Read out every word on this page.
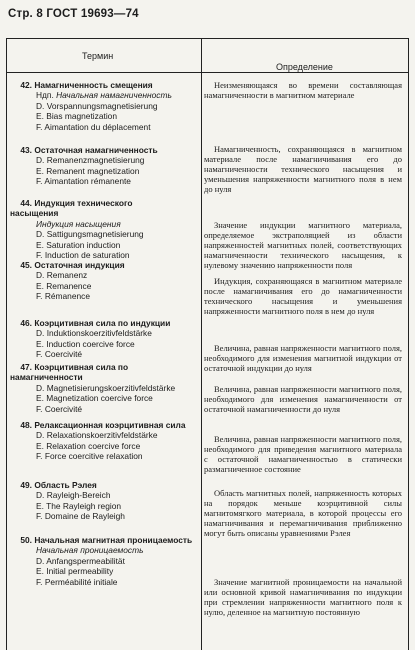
Стр. 8 ГОСТ 19693—74
Термин
Определение
42. Намагниченность смещения
Ндп. Начальная намагниченность
D. Vorspannungsmagnetisierung
E. Bias magnetization
F. Aimantation du déplacement
43. Остаточная намагниченность
D. Remanenzmagnetisierung
E. Remanent magnetization
F. Aimantation rémanente
44. Индукция технического насыщения
Индукция насыщения
D. Sattigungsmagnetisierung
E. Saturation induction
F. Induction de saturation
45. Остаточная индукция
D. Remanenz
E. Remanence
F. Rémanence
46. Коэрцитивная сила по индукции
D. Induktionskoerzitivfeldstärke
E. Induction coercive force
F. Coercivité
47. Коэрцитивная сила по намагниченности
D. Magnetisierungskoerzitivfeldstärke
E. Magnetization coercive force
F. Coercivité
48. Релаксационная коэрцитивная сила
D. Relaxationskoerzitivfeldstärke
E. Relaxation coercive force
F. Force coercitive relaxation
49. Область Рэлея
D. Rayleigh-Bereich
E. The Rayleigh region
F. Domaine de Rayleigh
50. Начальная магнитная проницаемость
Начальная проницаемость
D. Anfangspermeabilität
E. Initial permeability
F. Perméabilité initiale
Неизменяющаяся во времени составляющая намагниченности в магнитном материале
Намагниченность, сохраняющаяся в магнитном материале после намагничивания его до намагниченности технического насыщения и уменьшения напряженности магнитного поля в нем до нуля
Значение индукции магнитного материала, определяемое экстраполяцией из области напряженностей магнитных полей, соответствующих намагниченности технического насыщения, к нулевому значению напряженности поля
Индукция, сохраняющаяся в магнитном материале после намагничивания его до намагниченности технического насыщения и уменьшения напряженности магнитного поля в нем до нуля
Величина, равная напряженности магнитного поля, необходимого для изменения магнитной индукции от остаточной индукции до нуля
Величина, равная напряженности магнитного поля, необходимого для изменения намагниченности от остаточной намагниченности до нуля
Величина, равная напряженности магнитного поля, необходимого для приведения магнитного материала с остаточной намагниченностью в статически размагниченное состояние
Область магнитных полей, напряженность которых на порядок меньше коэрцитивной силы магнитомягкого материала, в которой процессы его намагничивания и перемагничивания приближенно могут быть описаны уравнениями Рэлея
Значение магнитной проницаемости на начальной или основной кривой намагничивания по индукции при стремлении напряженности магнитного поля к нулю, деленное на магнитную постоянную
